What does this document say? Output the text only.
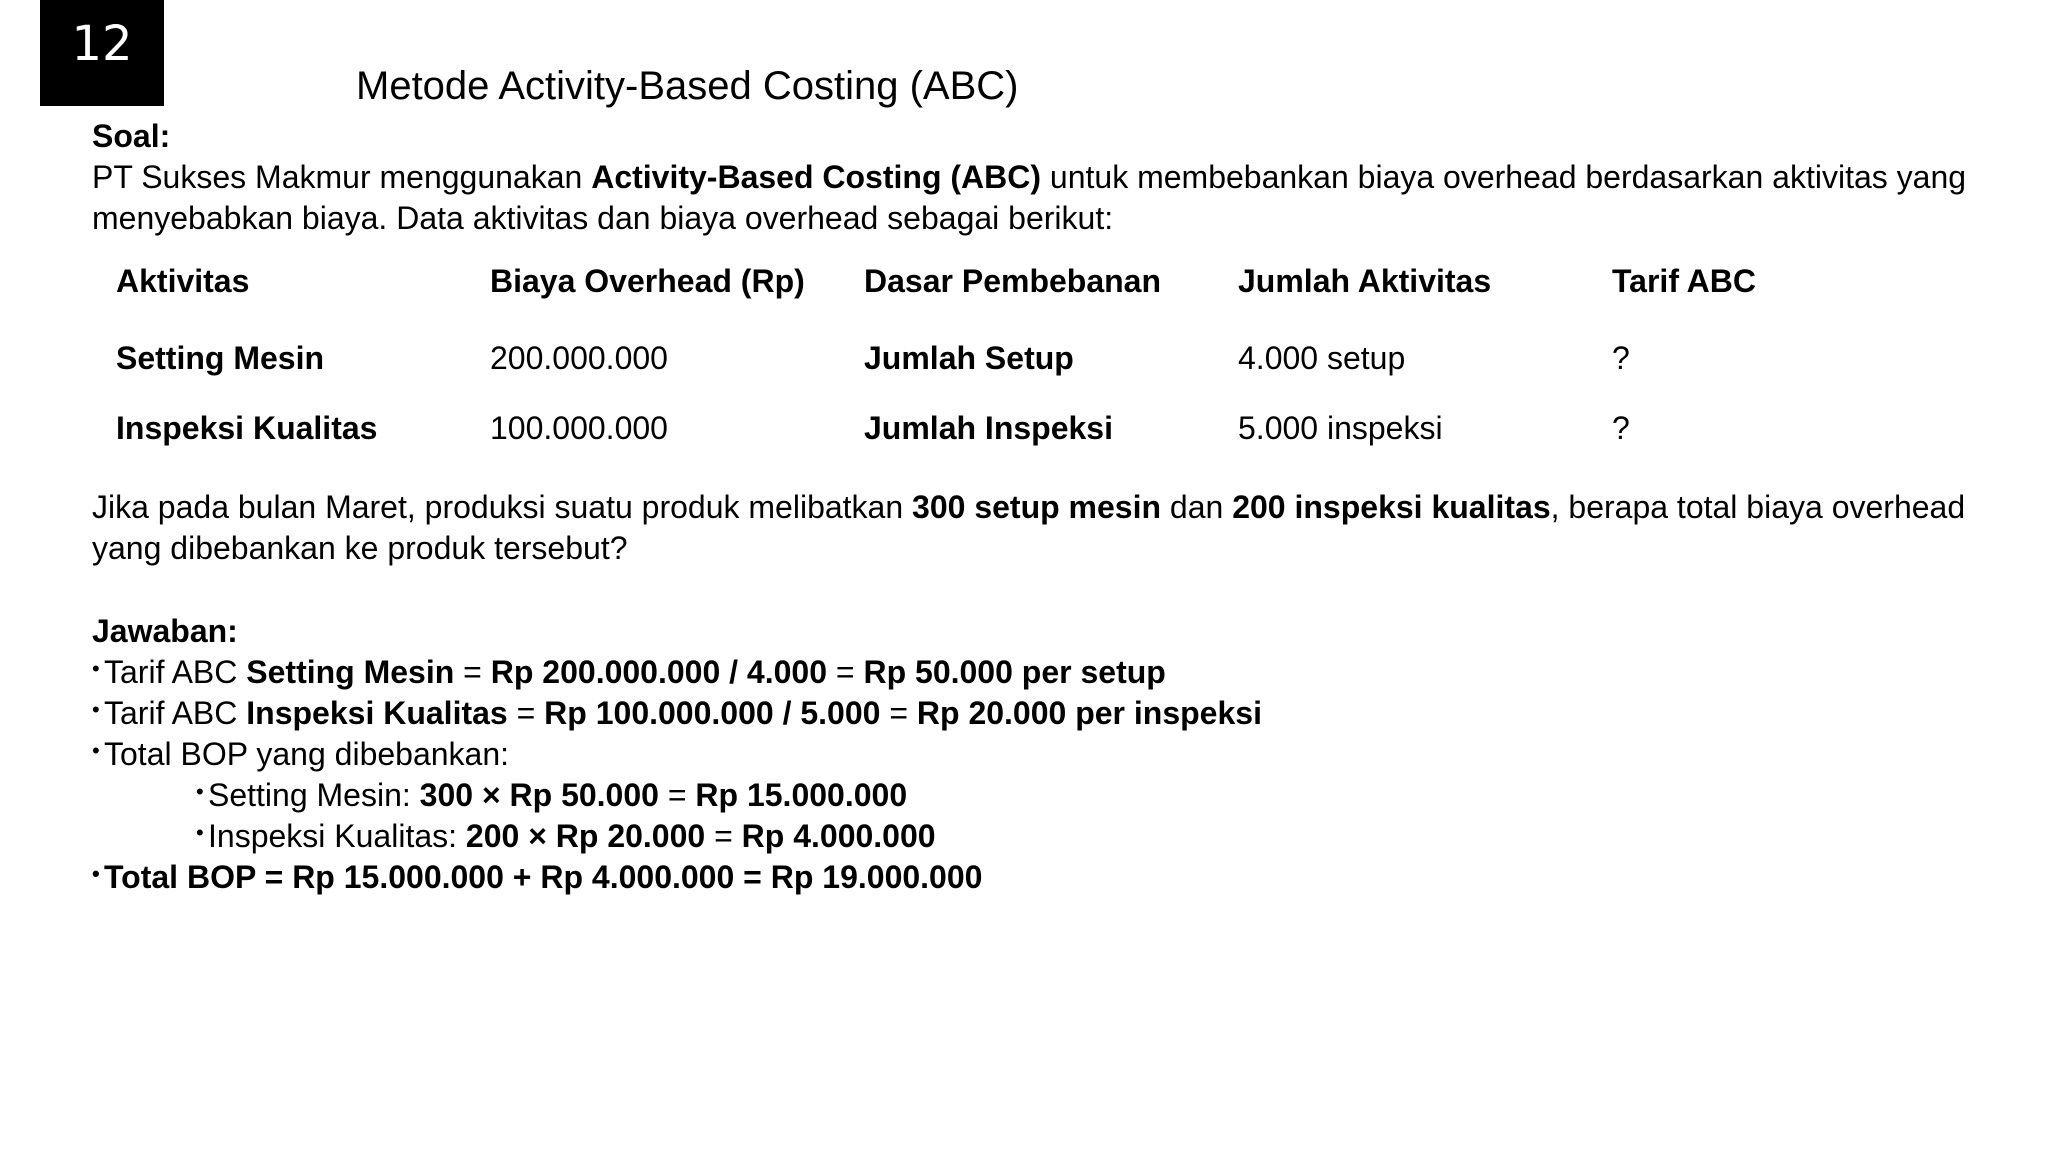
12
Metode Activity-Based Costing (ABC)

Soal:

PT Sukses Makmur menggunakan Activity-Based Costing (ABC) untuk membebankan biaya overhead berdasarkan aktivitas yang menyebabkan biaya. Data aktivitas dan biaya overhead sebagai berikut:

Aktivitas	Biaya Overhead (Rp)	Dasar Pembebanan	Jumlah Aktivitas	Tarif ABC
Setting Mesin	200.000.000	Jumlah Setup	4.000 setup	?
Inspeksi Kualitas	100.000.000	Jumlah Inspeksi	5.000 inspeksi	?

Jika pada bulan Maret, produksi suatu produk melibatkan 300 setup mesin dan 200 inspeksi kualitas, berapa total biaya overhead yang dibebankan ke produk tersebut?

Jawaban:

• Tarif ABC Setting Mesin = Rp 200.000.000 / 4.000 = Rp 50.000 per setup

• Tarif ABC Inspeksi Kualitas = Rp 100.000.000 / 5.000 = Rp 20.000 per inspeksi

• Total BOP yang dibebankan:

• Setting Mesin: 300 × Rp 50.000 = Rp 15.000.000

• Inspeksi Kualitas: 200 × Rp 20.000 = Rp 4.000.000

• Total BOP = Rp 15.000.000 + Rp 4.000.000 = Rp 19.000.000
